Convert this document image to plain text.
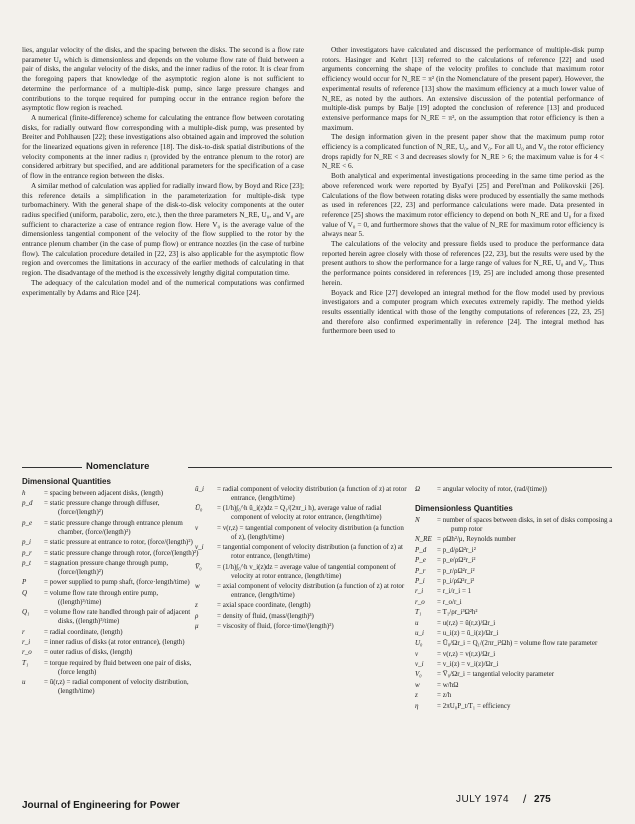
lies, angular velocity of the disks, and the spacing between the disks. The second is a flow rate parameter U₀ which is dimensionless and depends on the volume flow rate of fluid between a pair of disks, the angular velocity of the disks, and the inner radius of the rotor. It is clear from the foregoing papers that knowledge of the asymptotic region alone is not sufficient to determine the performance of a multiple-disk pump, since large pressure changes and contributions to the torque required for pumping occur in the entrance region before the asymptotic flow region is reached.

A numerical (finite-difference) scheme for calculating the entrance flow between corotating disks, for radially outward flow corresponding with a multiple-disk pump, was presented by Breiter and Pohlhausen [22]; these investigations also obtained again and improved the solution for the linearized equations given in reference [18]. The disk-to-disk spatial distributions of the velocity components at the inner radius rᵢ (provided by the entrance plenum to the rotor) are considered arbitrary but specified, and are additional parameters for the specification of a case of flow in the entrance region between the disks.

A similar method of calculation was applied for radially inward flow, by Boyd and Rice [23]; this reference details a simplification in the parameterization for multiple-disk type turbomachinery. With the general shape of the disk-to-disk velocity components at the outer radius specified (uniform, parabolic, zero, etc.), then the three parameters N_RE, U₀, and V₀ are sufficient to characterize a case of entrance region flow. Here V₀ is the average value of the dimensionless tangential component of the velocity of the flow supplied to the rotor by the entrance plenum chamber (in the case of pump flow) or entrance nozzles (in the case of turbine flow). The calculation procedure detailed in [22, 23] is also applicable for the asymptotic flow region and overcomes the limitations in accuracy of the earlier methods of calculating in that region. The disadvantage of the method is the excessively lengthy digital computation time.

The adequacy of the calculation model and of the numerical computations was confirmed experimentally by Adams and Rice [24].

Other investigators have calculated and discussed the performance of multiple-disk pump rotors. Hasinger and Kehrt [13] referred to the calculations of reference [22] and used arguments concerning the shape of the velocity profiles to conclude that maximum rotor efficiency would occur for N_RE = π² (in the Nomenclature of the present paper). However, the experimental results of reference [13] show the maximum efficiency at a much lower value of N_RE, as noted by the authors. An extensive discussion of the potential performance of multiple-disk pumps by Balje [19] adopted the conclusion of reference [13] and produced extensive performance maps for N_RE = π², on the assumption that rotor efficiency is then a maximum.

The design information given in the present paper show that the maximum pump rotor efficiency is a complicated function of N_RE, U₀, and V₀. For all U₀ and V₀ the rotor efficiency drops rapidly for N_RE < 3 and decreases slowly for N_RE > 6; the maximum value is for 4 < N_RE < 6.

Both analytical and experimental investigations proceeding in the same time period as the above referenced work were reported by Byal'yi [25] and Perel'man and Polikovskii [26]. Calculations of the flow between rotating disks were produced by essentially the same methods as used in references [22, 23] and performance calculations were made. Data presented in reference [25] shows the maximum rotor efficiency to depend on both N_RE and U₀ for a fixed value of V₀ = 0, and furthermore shows that the value of N_RE for maximum rotor efficiency is always near 5.

The calculations of the velocity and pressure fields used to produce the performance data reported herein agree closely with those of references [22, 23], but the results were used by the present authors to show the performance for a large range of values for N_RE, U₀ and V₀. Thus the performance points considered in references [19, 25] are included among those presented herein.

Boyack and Rice [27] developed an integral method for the flow model used by previous investigators and a computer program which executes extremely rapidly. The method yields results essentially identical with those of the lengthy computations of references [22, 23, 25] and therefore also confirmed experimentally in reference [24]. The integral method has furthermore been used to

Nomenclature
Dimensional Quantities
h	= spacing between adjacent disks, (length)
p_d	= static pressure change through diffuser, (force/(length)²)
p_e	= static pressure change through entrance plenum chamber, (force/(length)²)
p_i	= static pressure at entrance to rotor, (force/(length)²)
p_r	= static pressure change through rotor, (force/(length)²)
p_t	= stagnation pressure change through pump, (force/(length)²)
P	= power supplied to pump shaft, (force·length/time)
Q	= volume flow rate through entire pump, ((length)³/time)
Q₁	= volume flow rate handled through pair of adjacent disks, ((length)³/time)
r	= radial coordinate, (length)
r_i	= inner radius of disks (at rotor entrance), (length)
r_o	= outer radius of disks, (length)
T₁	= torque required by fluid between one pair of disks, (force length)
u	= ū(r,z) = radial component of velocity distribution, (length/time)
ū_i	= radial component of velocity distribution (a function of z) at rotor entrance, (length/time)
Ū₀	= (1/h)∫₀^h ū_i(z)dz = Q₁/(2πr_i h), average value of radial component of velocity at rotor entrance, (length/time)
v	= v(r,z) = tangential component of velocity distribution (a function of z), (length/time)
v_i	= tangential component of velocity distribution (a function of z) at rotor entrance, (length/time)
V̅₀	= (1/h)∫₀^h v_i(z)dz = average value of tangential component of velocity at rotor entrance, (length/time)
w	= axial component of velocity distribution (a function of z) at rotor entrance, (length/time)
z	= axial space coordinate, (length)
ρ	= density of fluid, (mass/(length)³)
μ	= viscosity of fluid, (force·time/(length)²)
Ω	= angular velocity of rotor, (rad/(time))
Dimensionless Quantities
N	= number of spaces between disks, in set of disks composing a pump rotor
N_RE = ρΩh²/μ, Reynolds number
P_d	= p_d/ρΩ²r_i²
P_e	= p_e/ρΩ²r_i²
P_r	= p_r/ρΩ²r_i²
P_i	= p_i/ρΩ²r_i²
r_i	= r_i/r_i = 1
r_o	= r_o/r_i
T₁	= T₁/ρr_i³Ω²h²
u	= u(r,z) = ū(r,z)/Ωr_i
u_i	= u_i(z) = ū_i(z)/Ωr_i
U₀	= Ū₀/Ωr_i = Q₁/(2πr_i²Ωh) = volume flow rate parameter
v	= v(r,z) = v(r,z)/Ωr_i
v_i	= v_i(z) = v_i(z)/Ωr_i
V₀	= V̅₀/Ωr_i = tangential velocity parameter
w	= w/hΩ
z	= z/h
η	= 2πU₀P_t/T₁ = efficiency
Journal of Engineering for Power
JULY 1974 / 275
